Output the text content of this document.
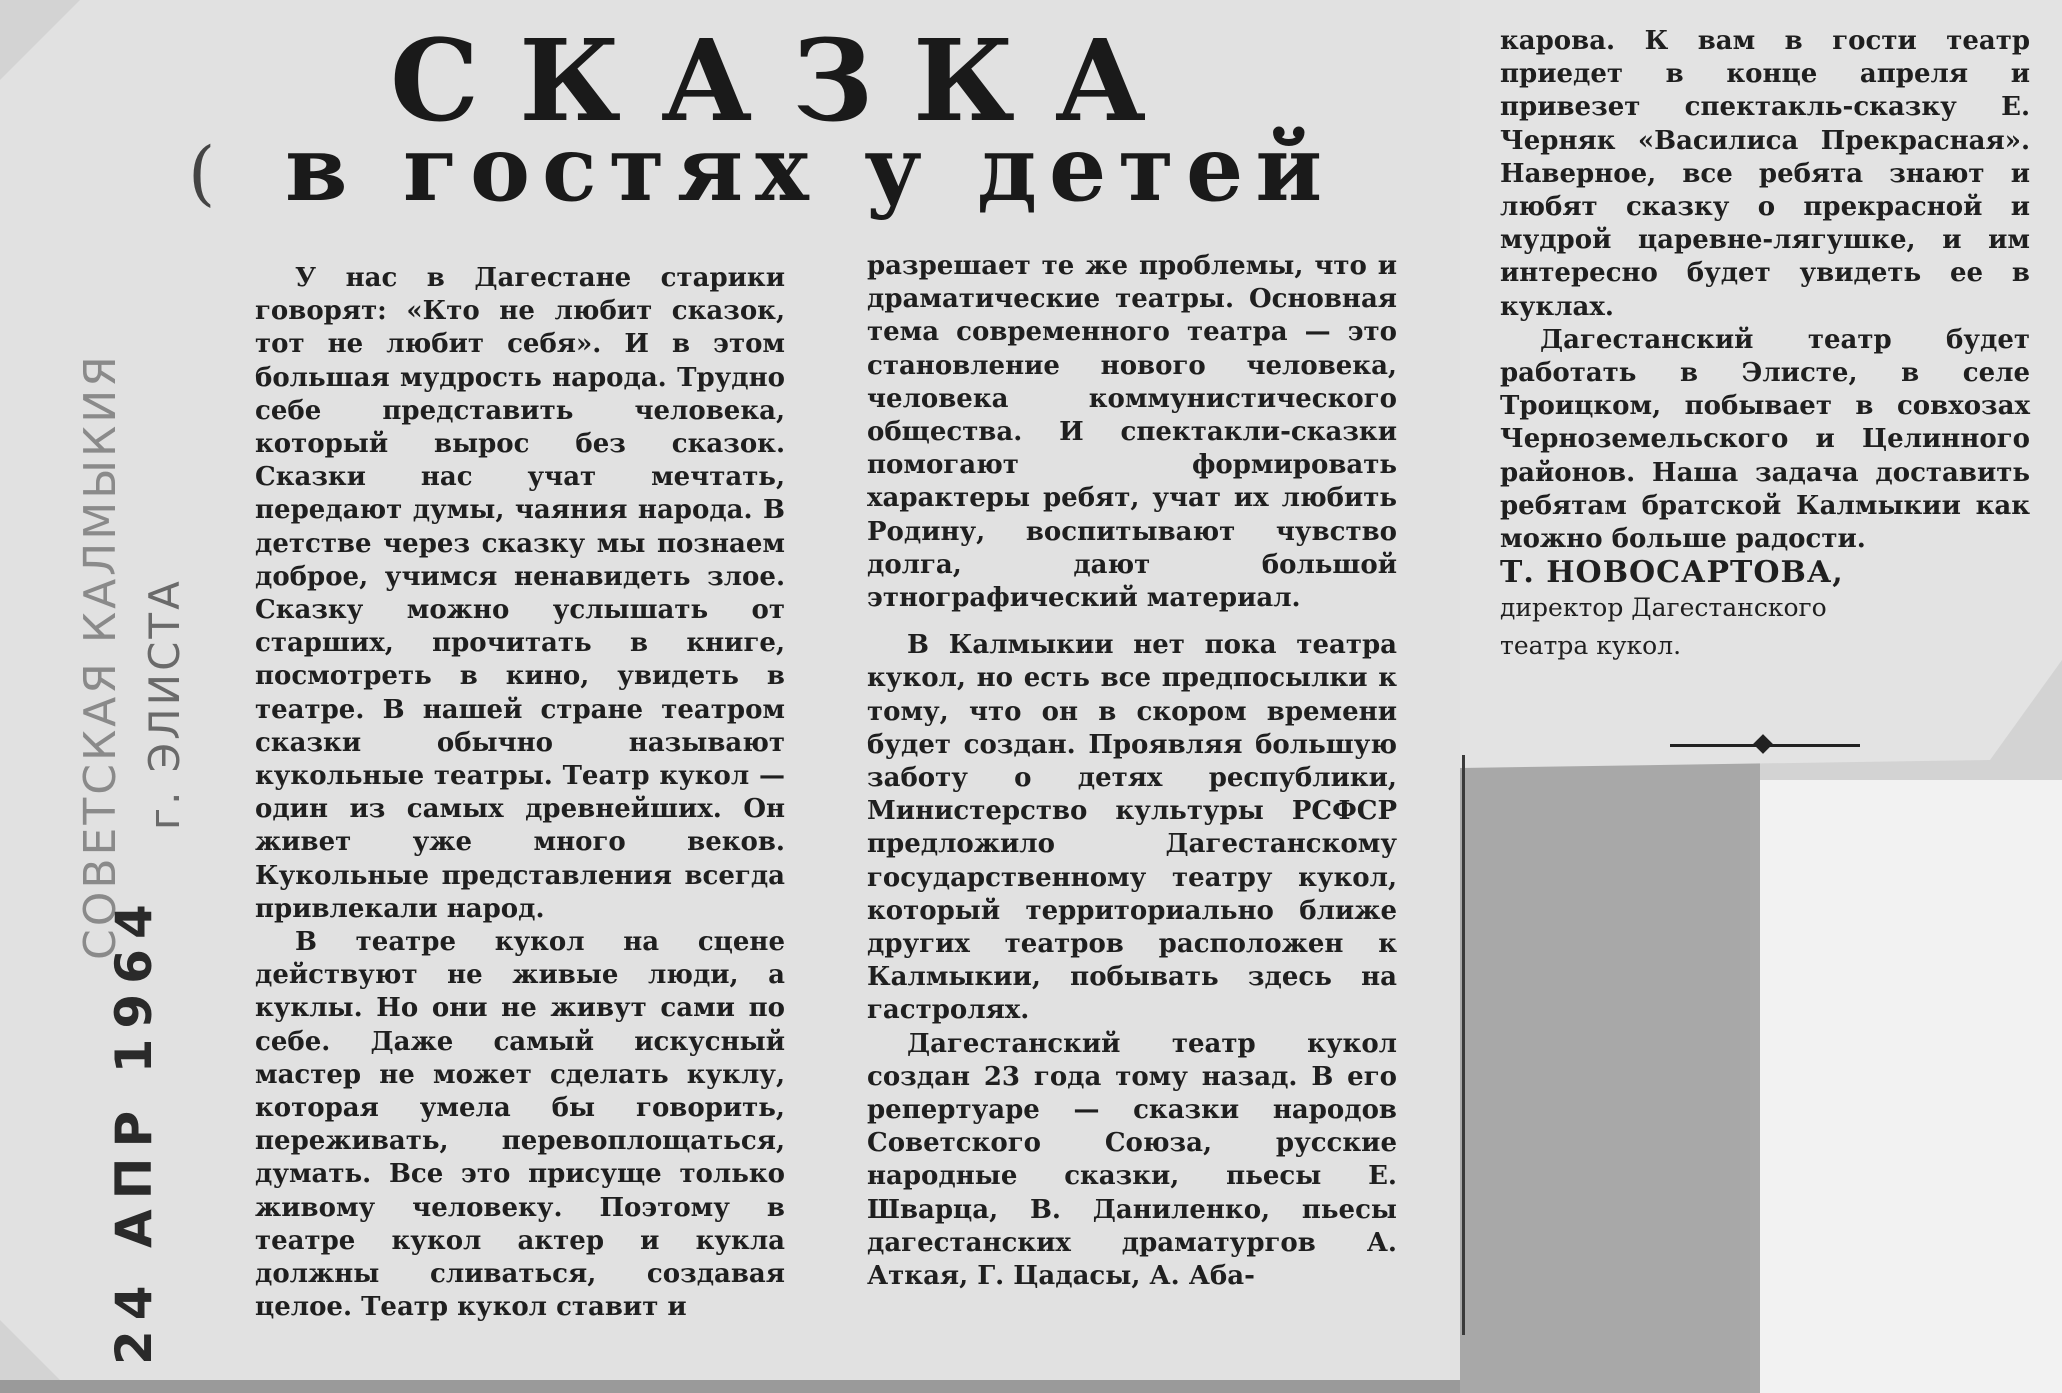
СОВЕТСКАЯ КАЛМЫКИЯ г. ЭЛИСТА
24 АПР 1964
(
СКАЗКА
в гостях у детей

У нас в Дагестане старики говорят: «Кто не любит сказок, тот не любит себя». И в этом большая мудрость народа. Трудно себе представить человека, который вырос без сказок. Сказки нас учат мечтать, передают думы, чаяния народа. В детстве через сказку мы познаем доброе, учимся ненавидеть злое. Сказку можно услышать от старших, прочитать в книге, посмотреть в кино, увидеть в театре. В нашей стране театром сказки обычно называют кукольные театры. Театр кукол — один из самых древнейших. Он живет уже много веков. Кукольные представления всегда привлекали народ.

В театре кукол на сцене действуют не живые люди, а куклы. Но они не живут сами по себе. Даже самый искусный мастер не может сделать куклу, которая умела бы говорить, переживать, перевоплощаться, думать. Все это присуще только живому человеку. Поэтому в театре кукол актер и кукла должны сливаться, создавая целое. Театр кукол ставит и

разрешает те же проблемы, что и драматические театры. Основная тема современного театра — это становление нового человека, человека коммунистического общества. И спектакли-сказки помогают формировать характеры ребят, учат их любить Родину, воспитывают чувство долга, дают большой этнографический материал.

В Калмыкии нет пока театра кукол, но есть все предпосылки к тому, что он в скором времени будет создан. Проявляя большую заботу о детях республики, Министерство культуры РСФСР предложило Дагестанскому государственному театру кукол, который территориально ближе других театров расположен к Калмыкии, побывать здесь на гастролях.

Дагестанский театр кукол создан 23 года тому назад. В его репертуаре — сказки народов Советского Союза, русские народные сказки, пьесы Е. Шварца, В. Даниленко, пьесы дагестанских драматургов А. Аткая, Г. Цадасы, А. Аба-

карова. К вам в гости театр приедет в конце апреля и привезет спектакль-сказку Е. Черняк «Василиса Прекрасная». Наверное, все ребята знают и любят сказку о прекрасной и мудрой царевне-лягушке, и им интересно будет увидеть ее в куклах.

Дагестанский театр будет работать в Элисте, в селе Троицком, побывает в совхозах Черноземельского и Целинного районов. Наша задача доставить ребятам братской Калмыкии как можно больше радости.

Т. НОВОСАРТОВА,

директор Дагестанского
театра кукол.
